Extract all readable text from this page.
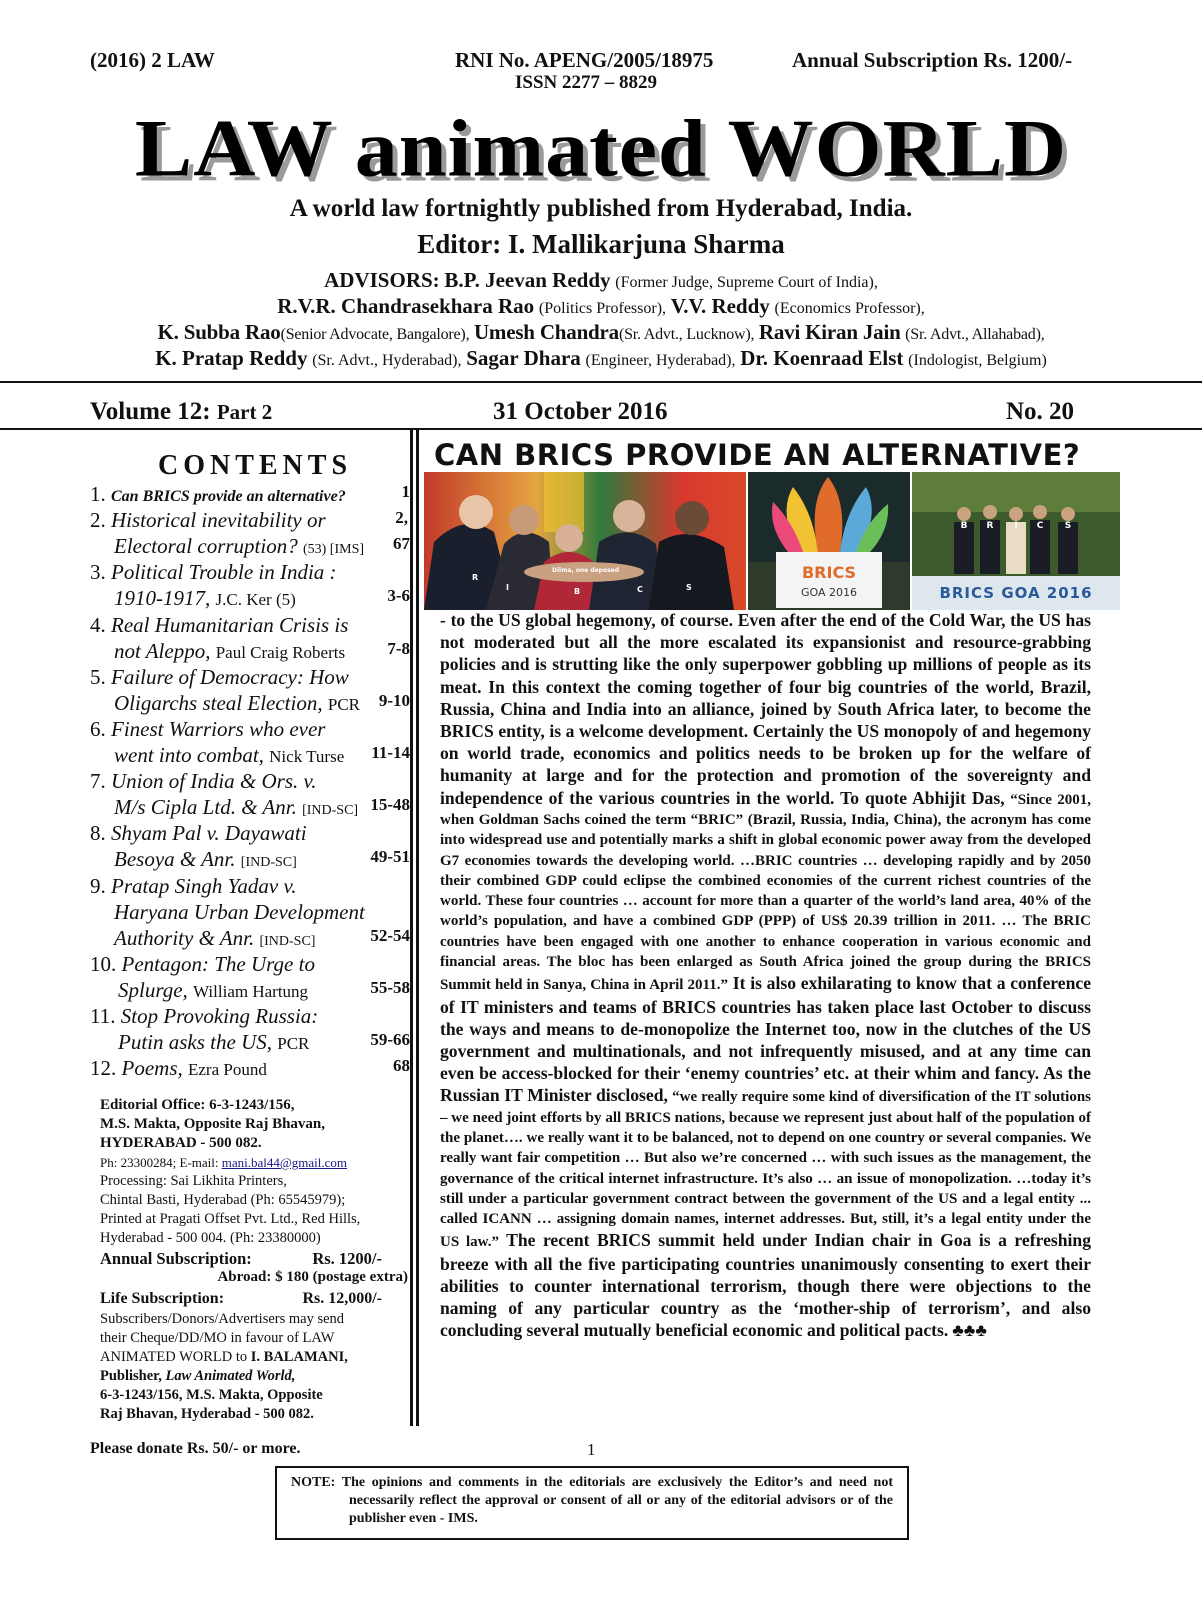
(2016) 2 LAW	RNI No. APENG/2005/18975
ISSN 2277 – 8829
Annual Subscription Rs. 1200/-
LAW animated WORLD
A world law fortnightly published from Hyderabad, India.
Editor: I. Mallikarjuna Sharma
ADVISORS: B.P. Jeevan Reddy (Former Judge, Supreme Court of India),
R.V.R. Chandrasekhara Rao (Politics Professor), V.V. Reddy (Economics Professor),
K. Subba Rao(Senior Advocate, Bangalore), Umesh Chandra(Sr. Advt., Lucknow), Ravi Kiran Jain (Sr. Advt., Allahabad),
K. Pratap Reddy (Sr. Advt., Hyderabad), Sagar Dhara (Engineer, Hyderabad), Dr. Koenraad Elst (Indologist, Belgium)
Volume 12: Part 2	31 October 2016	No. 20
CONTENTS
1. Can BRICS provide an alternative?	1
2. Historical inevitability or	2,
Electoral corruption? (53) [IMS] 67
3. Political Trouble in India :
1910-1917, J.C. Ker (5)	3-6
4. Real Humanitarian Crisis is
not Aleppo, Paul Craig Roberts 7-8
5. Failure of Democracy: How
Oligarchs steal Election, PCR 9-10
6. Finest Warriors who ever
went into combat, Nick Turse 11-14
7. Union of India & Ors. v.
M/s Cipla Ltd. & Anr. [IND-SC] 15-48
8. Shyam Pal v. Dayawati
Besoya & Anr. [IND-SC]	49-51
9. Pratap Singh Yadav v.
Haryana Urban Development
Authority & Anr. [IND-SC]	52-54
10. Pentagon: The Urge to
Splurge, William Hartung	55-58
11. Stop Provoking Russia:
Putin asks the US, PCR	59-66
12. Poems, Ezra Pound	68
Editorial Office: 6-3-1243/156,
M.S. Makta, Opposite Raj Bhavan,
HYDERABAD - 500 082.
Ph: 23300284; E-mail: mani.bal44@gmail.com
Processing: Sai Likhita Printers,
Chintal Basti, Hyderabad (Ph: 65545979);
Printed at Pragati Offset Pvt. Ltd., Red Hills,
Hyderabad - 500 004. (Ph: 23380000)
Annual Subscription:	Rs. 1200/-
Abroad: $ 180 (postage extra)
Life Subscription:	Rs. 12,000/-
Subscribers/Donors/Advertisers may send
their Cheque/DD/MO in favour of LAW
ANIMATED WORLD to I. BALAMANI,
Publisher, Law Animated World,
6-3-1243/156, M.S. Makta, Opposite
Raj Bhavan, Hyderabad - 500 082.
CAN BRICS PROVIDE AN ALTERNATIVE?
R
I	B	C	S
Dilma, one deposed	BRICS
GOA 2016
B R I C S
BRICS GOA 2016

- to the US global hegemony, of course. Even after the end of the Cold War, the US has not moderated but all the more escalated its expansionist and resource-grabbing policies and is strutting like the only superpower gobbling up millions of people as its meat. In this context the coming together of four big countries of the world, Brazil, Russia, China and India into an alliance, joined by South Africa later, to become the BRICS entity, is a welcome development. Certainly the US monopoly of and hegemony on world trade, economics and politics needs to be broken up for the welfare of humanity at large and for the protection and promotion of the sovereignty and independence of the various countries in the world. To quote Abhijit Das, “Since 2001, when Goldman Sachs coined the term “BRIC” (Brazil, Russia, India, China), the acronym has come into widespread use and potentially marks a shift in global economic power away from the developed G7 economies towards the developing world. …BRIC countries … developing rapidly and by 2050 their combined GDP could eclipse the combined economies of the current richest countries of the world. These four countries … account for more than a quarter of the world’s land area, 40% of the world’s population, and have a combined GDP (PPP) of US$ 20.39 trillion in 2011. … The BRIC countries have been engaged with one another to enhance cooperation in various economic and financial areas. The bloc has been enlarged as South Africa joined the group during the BRICS Summit held in Sanya, China in April 2011.” It is also exhilarating to know that a conference of IT ministers and teams of BRICS countries has taken place last October to discuss the ways and means to de-monopolize the Internet too, now in the clutches of the US government and multinationals, and not infrequently misused, and at any time can even be access-blocked for their ‘enemy countries’ etc. at their whim and fancy. As the Russian IT Minister disclosed, “we really require some kind of diversification of the IT solutions – we need joint efforts by all BRICS nations, because we represent just about half of the population of the planet…. we really want it to be balanced, not to depend on one country or several companies. We really want fair competition … But also we’re concerned … with such issues as the management, the governance of the critical internet infrastructure. It’s also … an issue of monopolization. …today it’s still under a particular government contract between the government of the US and a legal entity ... called ICANN … assigning domain names, internet addresses. But, still, it’s a legal entity under the US law.” The recent BRICS summit held under Indian chair in Goa is a refreshing breeze with all the five participating countries unanimously consenting to exert their abilities to counter international terrorism, though there were objections to the naming of any particular country as the ‘mother-ship of terrorism’, and also concluding several mutually beneficial economic and political pacts. ♣♣♣

Please donate Rs. 50/- or more.	1
NOTE: The opinions and comments in the editorials are exclusively the Editor’s and need not necessarily reflect the approval or consent of all or any of the editorial advisors or of the publisher even - IMS.
